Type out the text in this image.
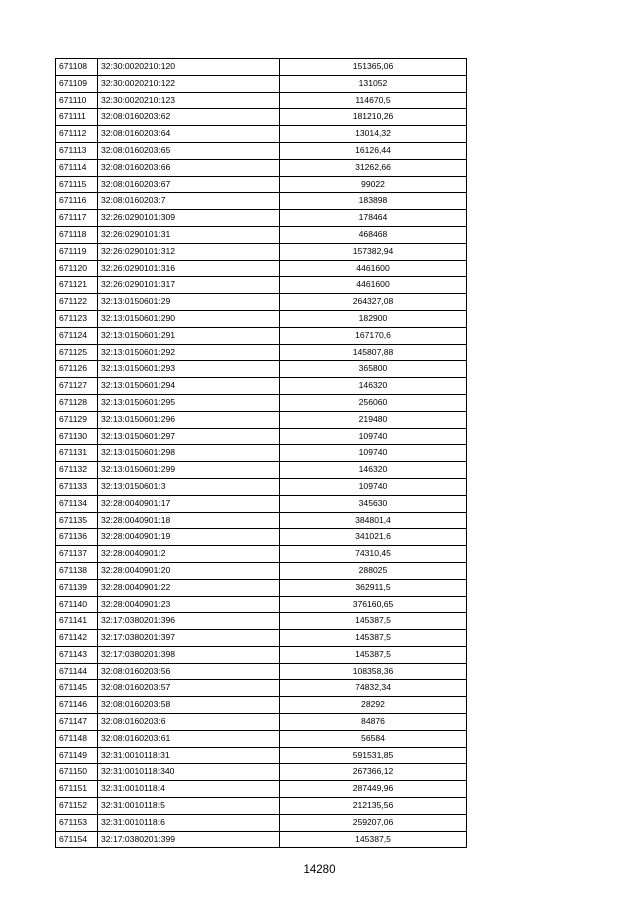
671108	32:30:0020210:120	151365,06
671109	32:30:0020210:122	131052
671110	32:30:0020210:123	114670,5
671111	32:08:0160203:62	181210,26
671112	32:08:0160203:64	13014,32
671113	32:08:0160203:65	16126,44
671114	32:08:0160203:66	31262,66
671115	32:08:0160203:67	99022
671116	32:08:0160203:7	183898
671117	32:26:0290101:309	178464
671118	32:26:0290101:31	468468
671119	32:26:0290101:312	157382,94
671120	32:26:0290101:316	4461600
671121	32:26:0290101:317	4461600
671122	32:13:0150601:29	264327,08
671123	32:13:0150601:290	182900
671124	32:13:0150601:291	167170,6
671125	32:13:0150601:292	145807,88
671126	32:13:0150601:293	365800
671127	32:13:0150601:294	146320
671128	32:13:0150601:295	256060
671129	32:13:0150601:296	219480
671130	32:13:0150601:297	109740
671131	32:13:0150601:298	109740
671132	32:13:0150601:299	146320
671133	32:13:0150601:3	109740
671134	32:28:0040901:17	345630
671135	32:28:0040901:18	384801,4
671136	32:28:0040901:19	341021,6
671137	32:28:0040901:2	74310,45
671138	32:28:0040901:20	288025
671139	32:28:0040901:22	362911,5
671140	32:28:0040901:23	376160,65
671141	32:17:0380201:396	145387,5
671142	32:17:0380201:397	145387,5
671143	32:17:0380201:398	145387,5
671144	32:08:0160203:56	108358,36
671145	32:08:0160203:57	74832,34
671146	32:08:0160203:58	28292
671147	32:08:0160203:6	84876
671148	32:08:0160203:61	56584
671149	32:31:0010118:31	591531,85
671150	32:31:0010118:340	267366,12
671151	32:31:0010118:4	287449,96
671152	32:31:0010118:5	212135,56
671153	32:31:0010118:6	259207,06
671154	32:17:0380201:399	145387,5
14280
